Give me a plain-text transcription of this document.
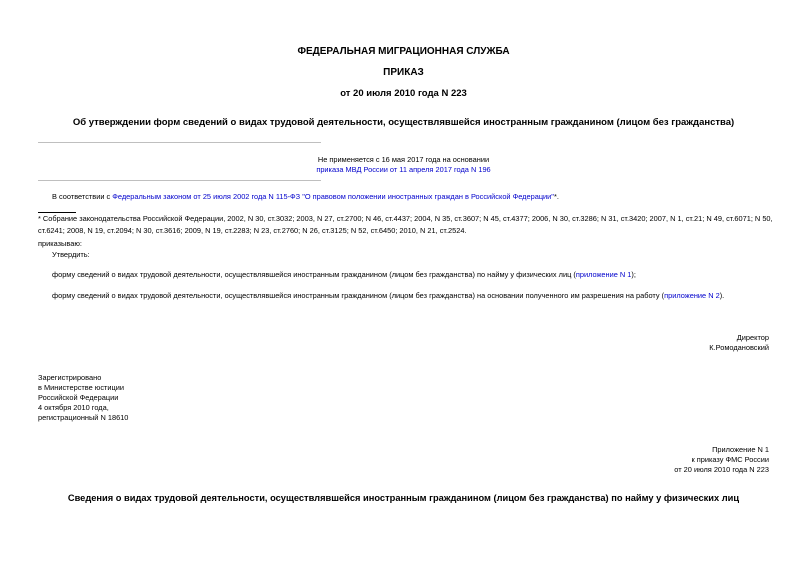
ФЕДЕРАЛЬНАЯ МИГРАЦИОННАЯ СЛУЖБА
ПРИКАЗ
от 20 июля 2010 года N 223
Об утверждении форм сведений о видах трудовой деятельности, осуществлявшейся иностранным гражданином (лицом без гражданства)
Не применяется с 16 мая 2017 года на основании
приказа МВД России от 11 апреля 2017 года N 196
В соответствии с Федеральным законом от 25 июля 2002 года N 115-ФЗ "О правовом положении иностранных граждан в Российской Федерации"*.
* Собрание законодательства Российской Федерации, 2002, N 30, ст.3032; 2003, N 27, ст.2700; N 46, ст.4437; 2004, N 35, ст.3607; N 45, ст.4377; 2006, N 30, ст.3286; N 31, ст.3420; 2007, N 1, ст.21; N 49, ст.6071; N 50,
ст.6241; 2008, N 19, ст.2094; N 30, ст.3616; 2009, N 19, ст.2283; N 23, ст.2760; N 26, ст.3125; N 52, ст.6450; 2010, N 21, ст.2524.
приказываю:
Утвердить:
форму сведений о видах трудовой деятельности, осуществлявшейся иностранным гражданином (лицом без гражданства) по найму у физических лиц (приложение N 1);
форму сведений о видах трудовой деятельности, осуществлявшейся иностранным гражданином (лицом без гражданства) на основании полученного им разрешения на работу (приложение N 2).
Директор
К.Ромодановский
Зарегистрировано
в Министерстве юстиции
Российской Федерации
4 октября 2010 года,
регистрационный N 18610
Приложение N 1
к приказу ФМС России
от 20 июля 2010 года N 223
Сведения о видах трудовой деятельности, осуществлявшейся иностранным гражданином (лицом без гражданства) по найму у физических лиц
